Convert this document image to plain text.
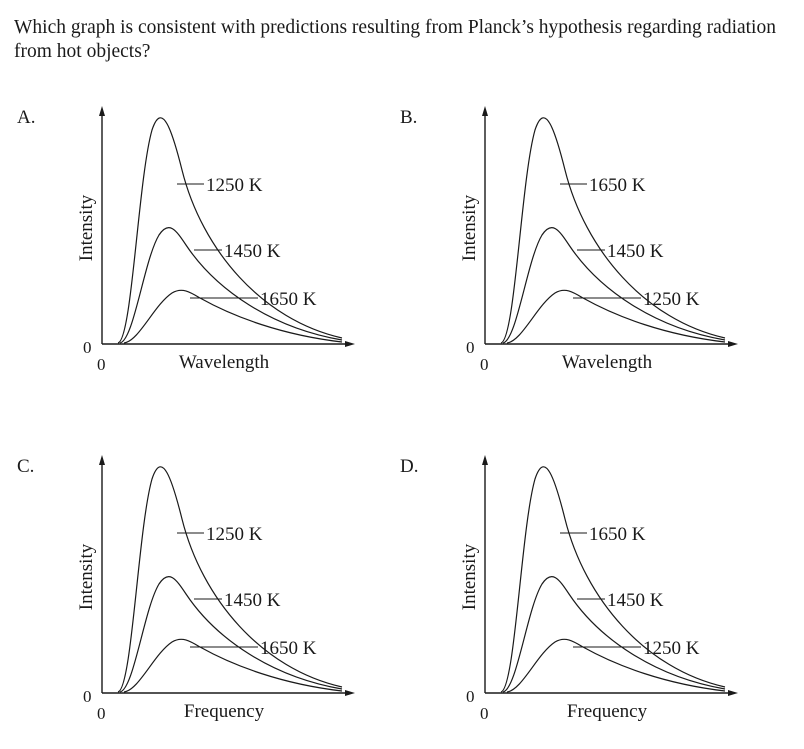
Which graph is consistent with predictions resulting from Planck’s hypothesis regarding radiation from hot objects?

A.
1250 K
1450 K
1650 K
Intensity
0
0	Wavelength
B.
1650 K
1450 K
1250 K
Intensity
0
0	Wavelength
C.
1250 K
1450 K
1650 K
Intensity
0
0	Frequency
D.
1650 K
1450 K
1250 K
Intensity
0
0	Frequency
